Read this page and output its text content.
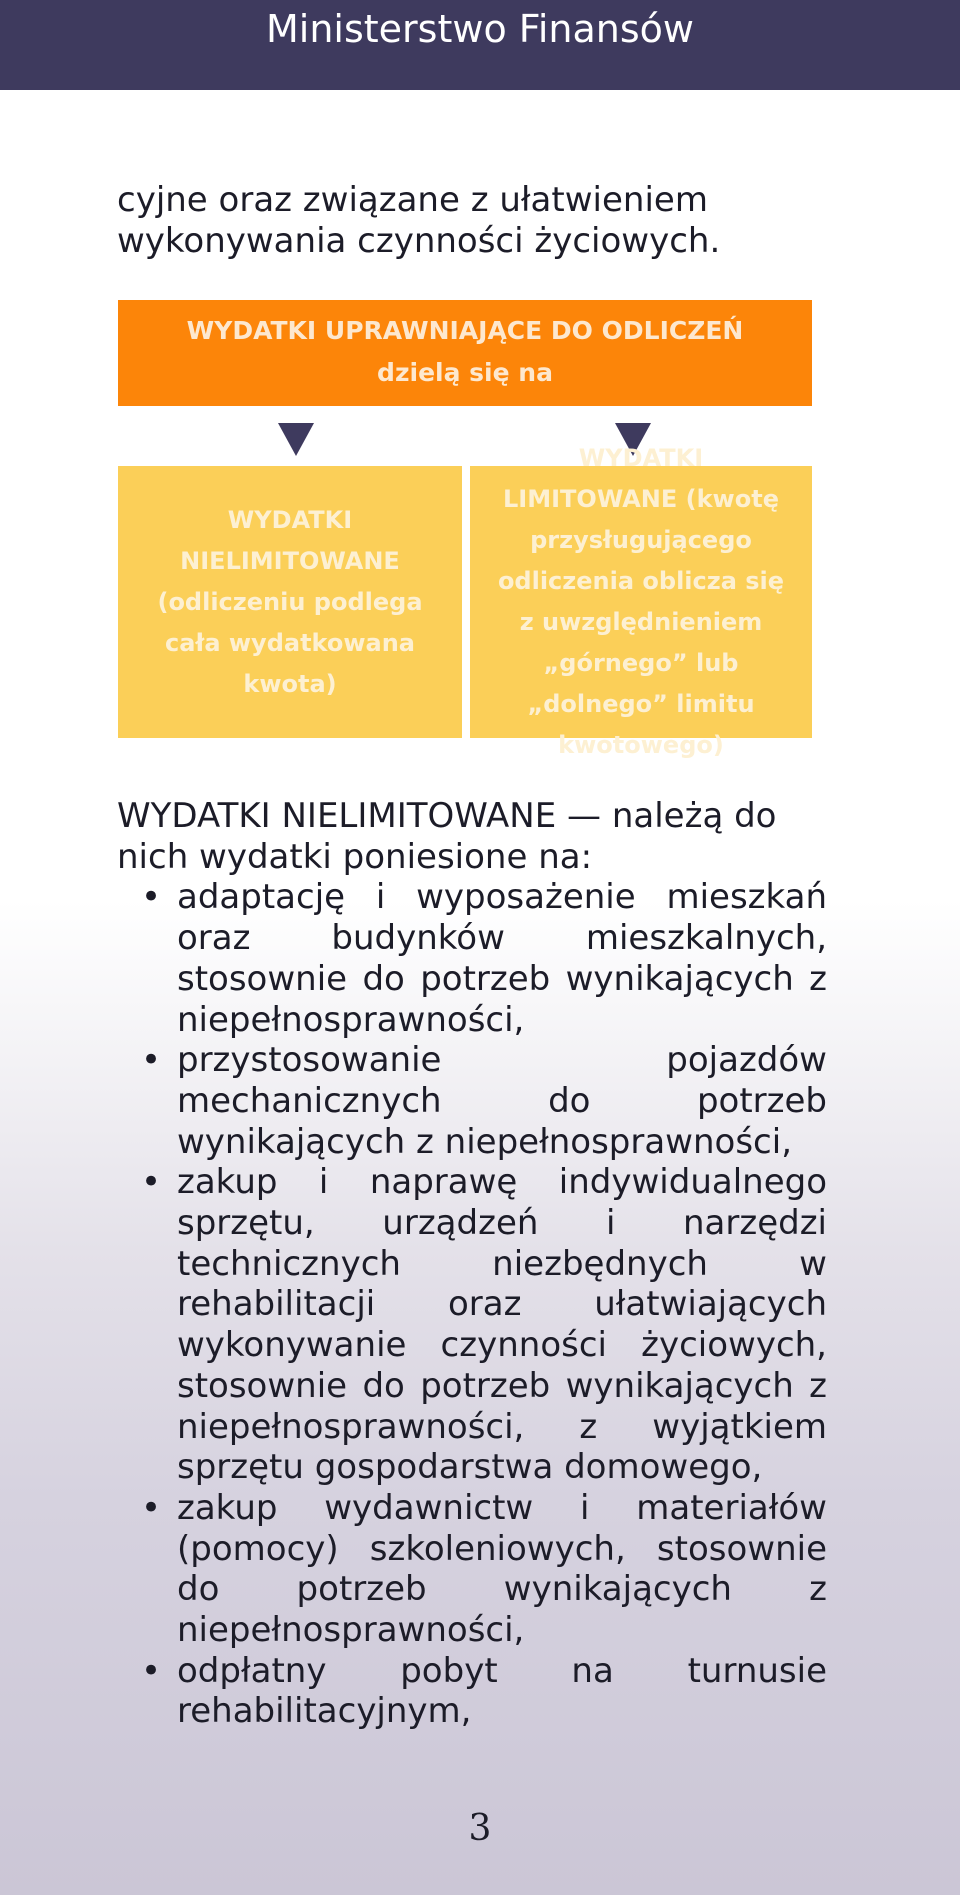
Ministerstwo Finansów

cyjne oraz związane z ułatwieniem wykonywania czynności życiowych.

WYDATKI UPRAWNIAJĄCE DO ODLICZEŃ
dzielą się na
WYDATKI NIELIMITOWANE (odliczeniu podlega cała wydatkowana kwota)
WYDATKI LIMITOWANE (kwotę przysługującego odliczenia oblicza się z uwzględnieniem „górnego” lub „dolnego” limitu kwotowego)

WYDATKI NIELIMITOWANE — należą do nich wydatki poniesione na:

• adaptację i wyposażenie mieszkań oraz budynków mieszkalnych, stosownie do potrzeb wynikających z niepełnosprawności,
• przystosowanie pojazdów mechanicznych do potrzeb wynikających z niepełnosprawności,
• zakup i naprawę indywidualnego sprzętu, urządzeń i narzędzi technicznych niezbędnych w rehabilitacji oraz ułatwiających wykonywanie czynności życiowych, stosownie do potrzeb wynikających z niepełnosprawności, z wyjątkiem sprzętu gospodarstwa domowego,
• zakup wydawnictw i materiałów (pomocy) szkoleniowych, stosownie do potrzeb wynikających z niepełnosprawności,
• odpłatny pobyt na turnusie rehabilitacyjnym,
3
